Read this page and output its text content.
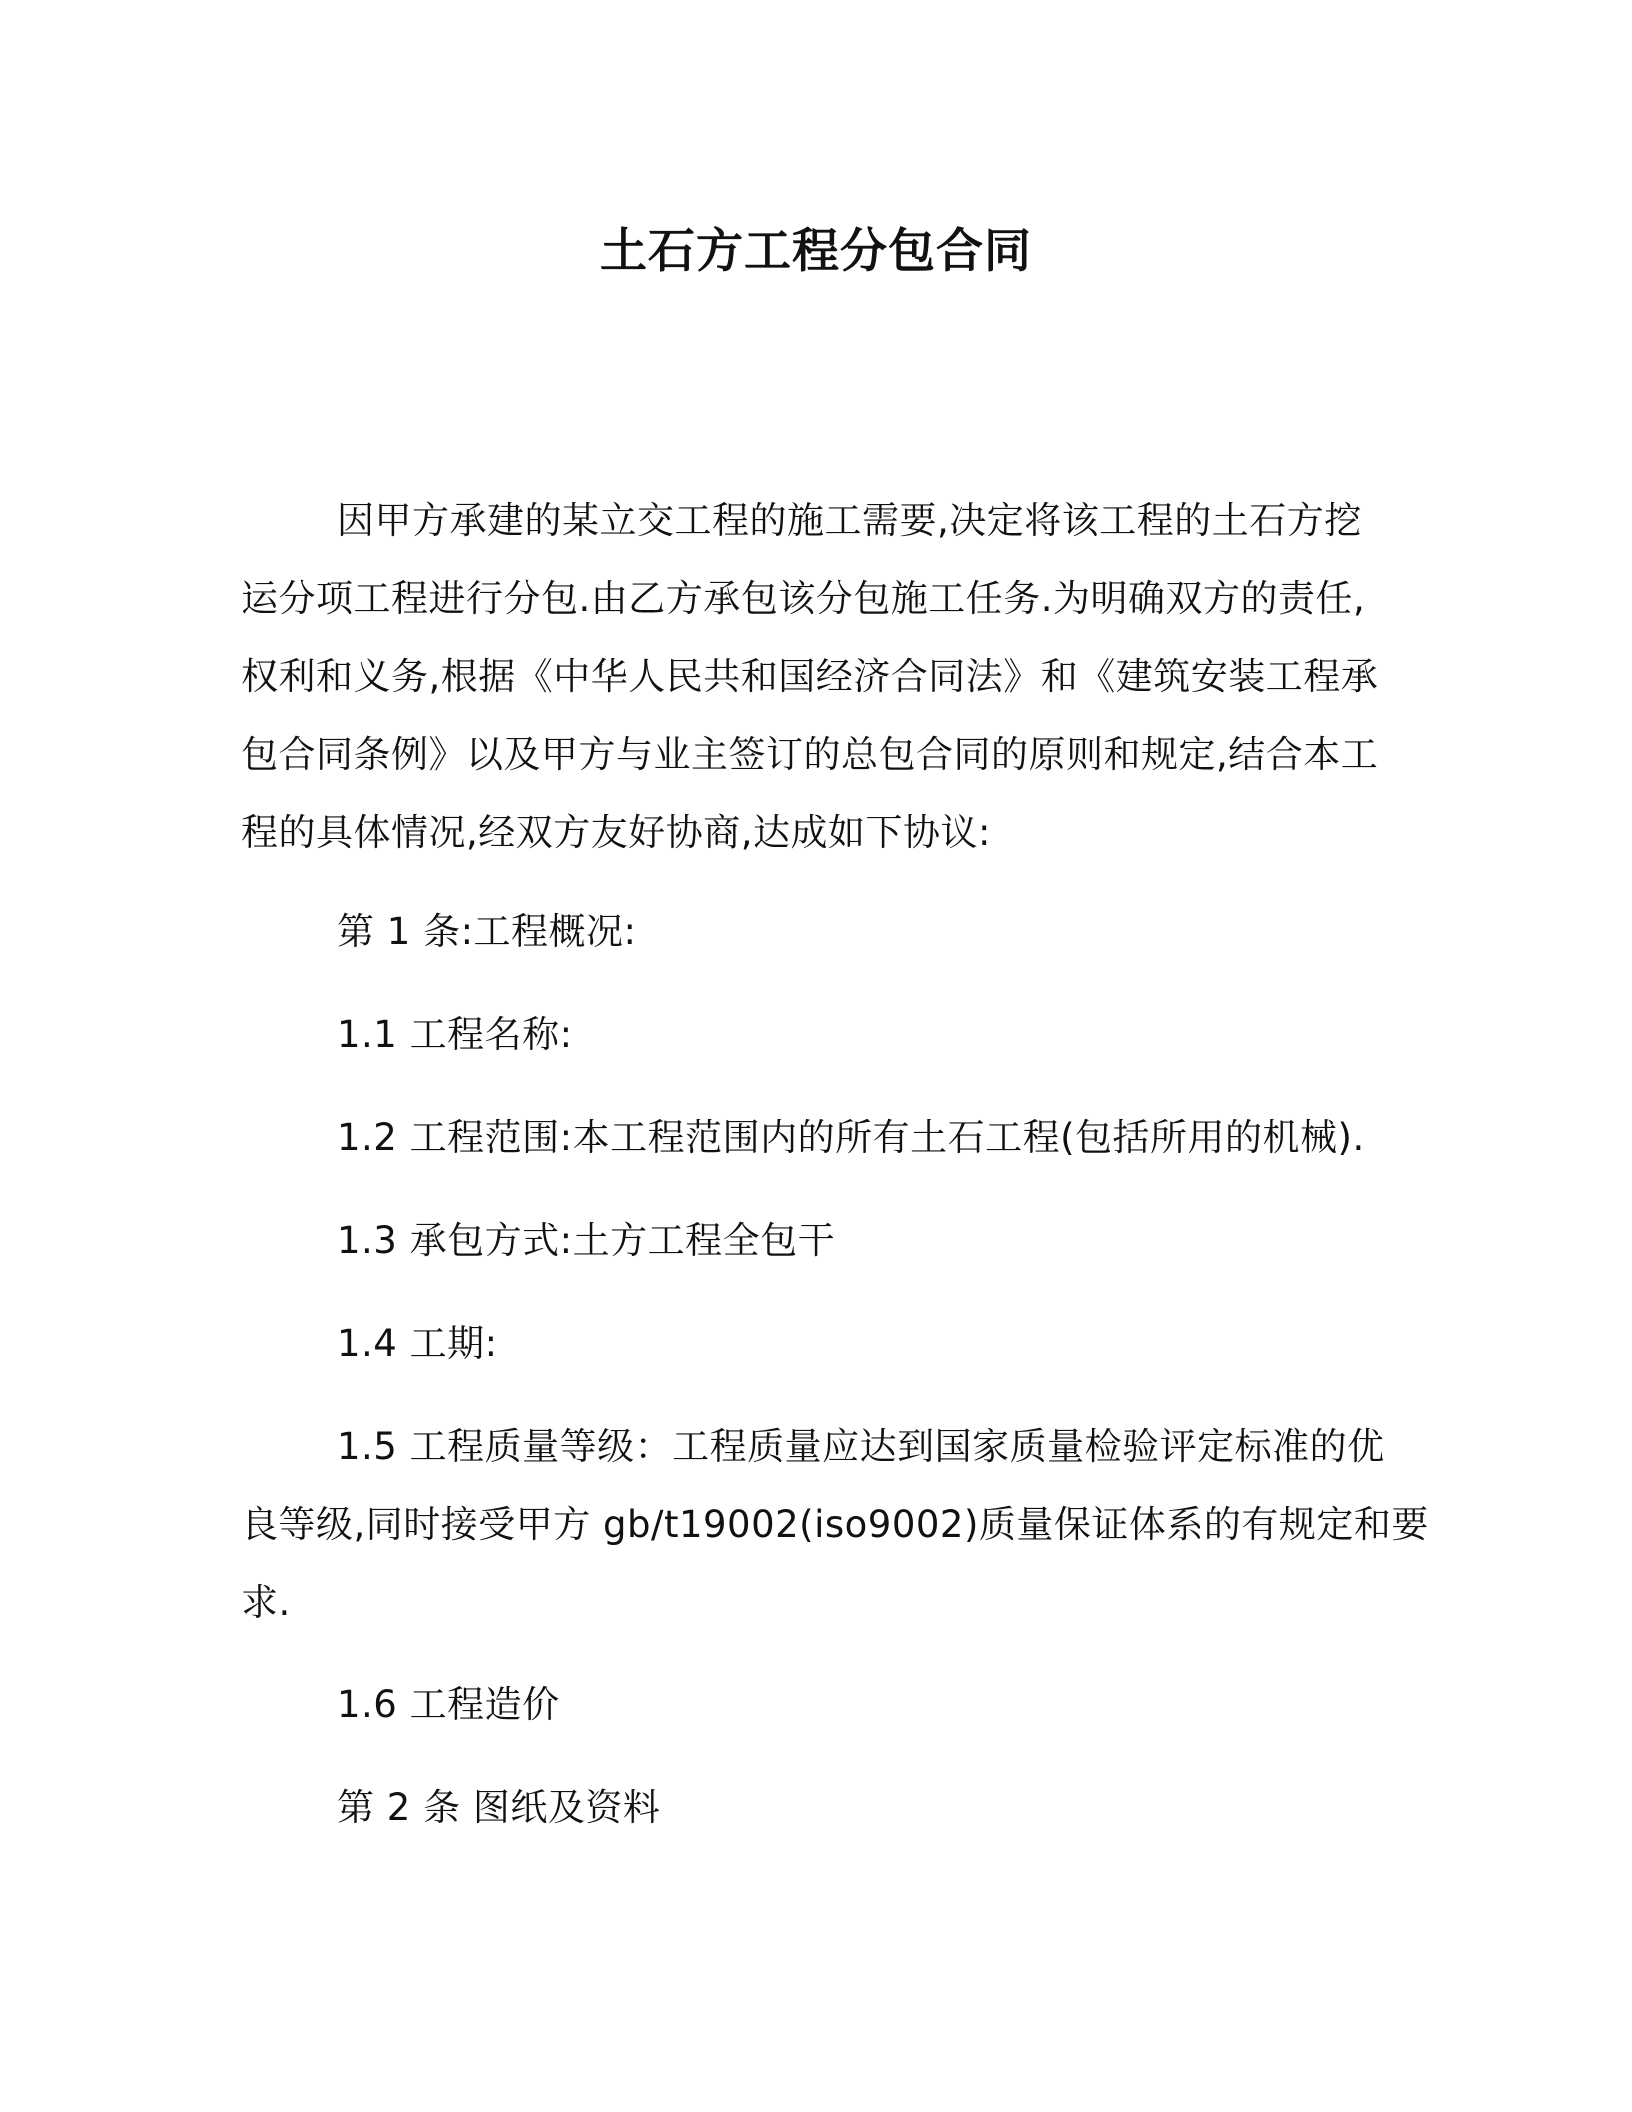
土石方工程分包合同
因甲方承建的某立交工程的施工需要,决定将该工程的土石方挖
运分项工程进行分包.由乙方承包该分包施工任务.为明确双方的责任,
权利和义务,根据《中华人民共和国经济合同法》和《建筑安装工程承
包合同条例》以及甲方与业主签订的总包合同的原则和规定,结合本工
程的具体情况,经双方友好协商,达成如下协议:
第 1 条:工程概况:
1.1 工程名称:
1.2 工程范围:本工程范围内的所有土石工程(包括所用的机械).
1.3 承包方式:土方工程全包干
1.4 工期:
1.5 工程质量等级：工程质量应达到国家质量检验评定标准的优
良等级,同时接受甲方 gb/t19002(iso9002)质量保证体系的有规定和要
求.
1.6 工程造价
第 2 条 图纸及资料
